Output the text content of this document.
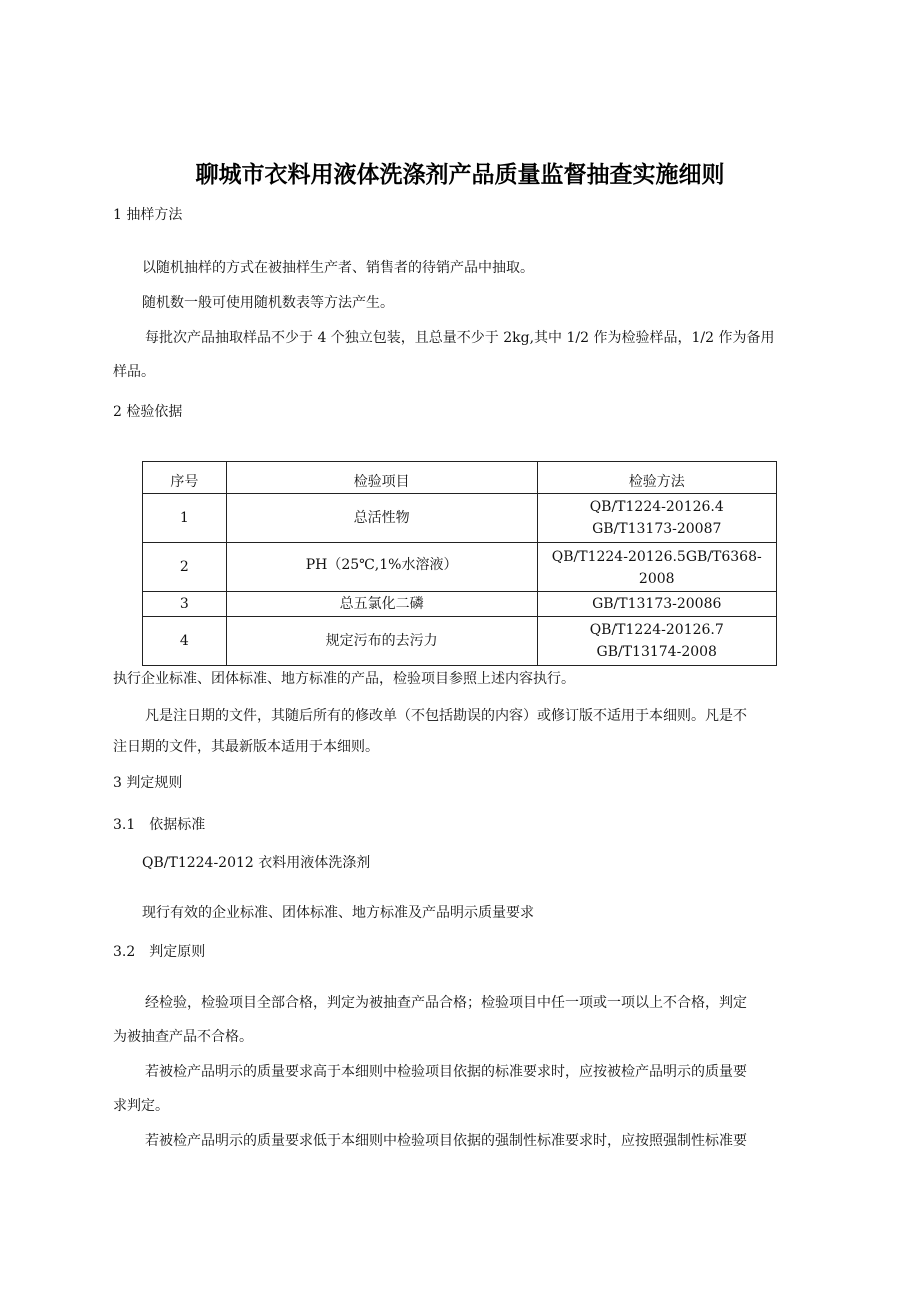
聊城市衣料用液体洗涤剂产品质量监督抽查实施细则
1 抽样方法
以随机抽样的方式在被抽样生产者、销售者的待销产品中抽取。
随机数一般可使用随机数表等方法产生。
每批次产品抽取样品不少于 4 个独立包装，且总量不少于 2kg,其中 1/2 作为检验样品，1/2 作为备用
样品。
2 检验依据
序号	检验项目	检验方法
1	总活性物	QB/T1224-20126.4
GB/T13173-20087

2	PH（25℃,1%水溶液）	QB/T1224-20126.5GB/T6368-2008

3	总五氯化二磷	GB/T13173-20086

4	规定污布的去污力	QB/T1224-20126.7
GB/T13174-2008
执行企业标准、团体标准、地方标准的产品，检验项目参照上述内容执行。
凡是注日期的文件，其随后所有的修改单（不包括勘误的内容）或修订版不适用于本细则。凡是不
注日期的文件，其最新版本适用于本细则。
3 判定规则
3.1　依据标准
QB/T1224-2012 衣料用液体洗涤剂
现行有效的企业标准、团体标准、地方标准及产品明示质量要求
3.2　判定原则
经检验，检验项目全部合格，判定为被抽查产品合格；检验项目中任一项或一项以上不合格，判定
为被抽查产品不合格。
若被检产品明示的质量要求高于本细则中检验项目依据的标准要求时，应按被检产品明示的质量要
求判定。
若被检产品明示的质量要求低于本细则中检验项目依据的强制性标准要求时，应按照强制性标准要
